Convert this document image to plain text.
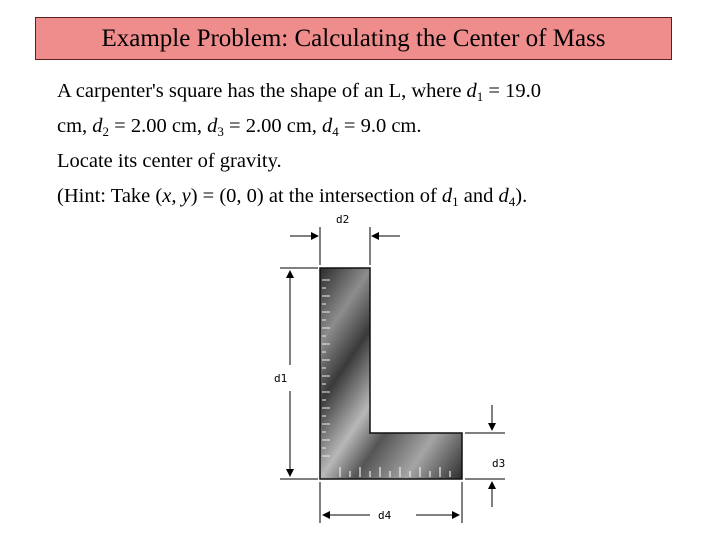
Example Problem: Calculating the Center of Mass
A carpenter's square has the shape of an L, where $d_1 = 19.0$
cm, $d_2 = 2.00$ cm, $d_3 = 2.00$ cm, $d_4 = 9.0$ cm.
Locate its center of gravity.
(Hint: Take (x, y) = (0, 0) at the intersection of $d_1$ and $d_4$).
d2
d1
d3
d4
